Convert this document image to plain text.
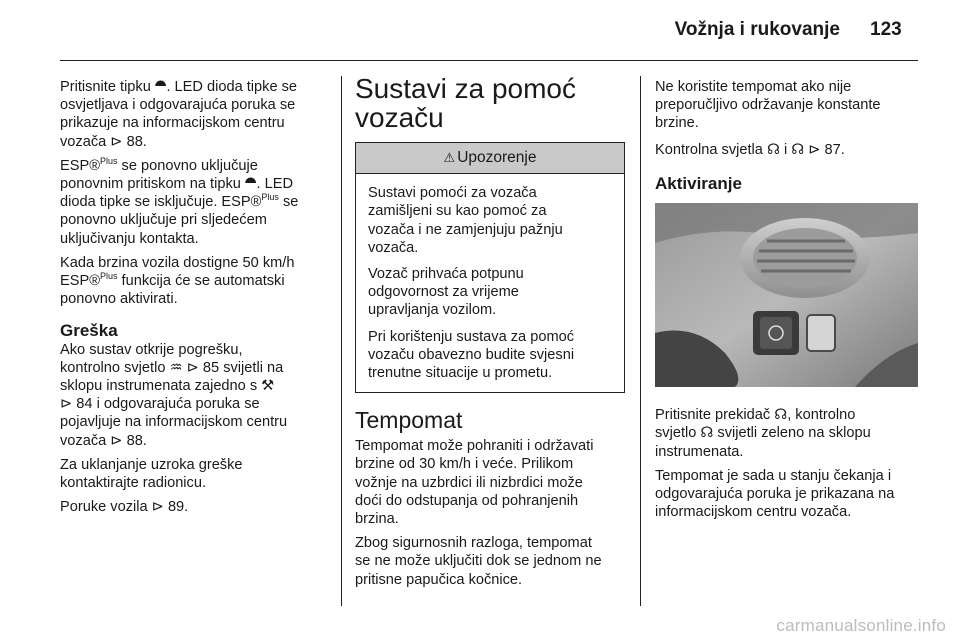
Vožnja i rukovanje 123

Pritisnite tipku ⯊. LED dioda tipke se
osvjetljava i odgovarajuća poruka se
prikazuje na informacijskom centru
vozača ⊳ 88.

ESP®$^{Plus}$ se ponovno uključuje
ponovnim pritiskom na tipku ⯊. LED
dioda tipke se isključuje. ESP®$^{Plus}$ se
ponovno uključuje pri sljedećem
uključivanju kontakta.

Kada brzina vozila dostigne 50 km/h
ESP®$^{Plus}$ funkcija će se automatski
ponovno aktivirati.

Greška

Ako sustav otkrije pogrešku,
kontrolno svjetlo ♒ ⊳ 85 svijetli na
sklopu instrumenata zajedno s ⚒
⊳ 84 i odgovarajuća poruka se
pojavljuje na informacijskom centru
vozača ⊳ 88.

Za uklanjanje uzroka greške
kontaktirajte radionicu.

Poruke vozila ⊳ 89.

Sustavi za pomoć
vozaču
⚠ Upozorenje

Sustavi pomoći za vozača
zamišljeni su kao pomoć za
vozača i ne zamjenjuju pažnju
vozača.

Vozač prihvaća potpunu
odgovornost za vrijeme
upravljanja vozilom.

Pri korištenju sustava za pomoć
vozaču obavezno budite svjesni
trenutne situacije u prometu.

Tempomat

Tempomat može pohraniti i održavati
brzine od 30 km/h i veće. Prilikom
vožnje na uzbrdici ili nizbrdici može
doći do odstupanja od pohranjenih
brzina.

Zbog sigurnosnih razloga, tempomat
se ne može uključiti dok se jednom ne
pritisne papučica kočnice.

Ne koristite tempomat ako nije
preporučljivo održavanje konstante
brzine.

Kontrolna svjetla ☊ i ☊ ⊳ 87.

Aktiviranje

Pritisnite prekidač ☊, kontrolno
svjetlo ☊ svijetli zeleno na sklopu
instrumenata.

Tempomat je sada u stanju čekanja i
odgovarajuća poruka je prikazana na
informacijskom centru vozača.

carmanualsonline.info
